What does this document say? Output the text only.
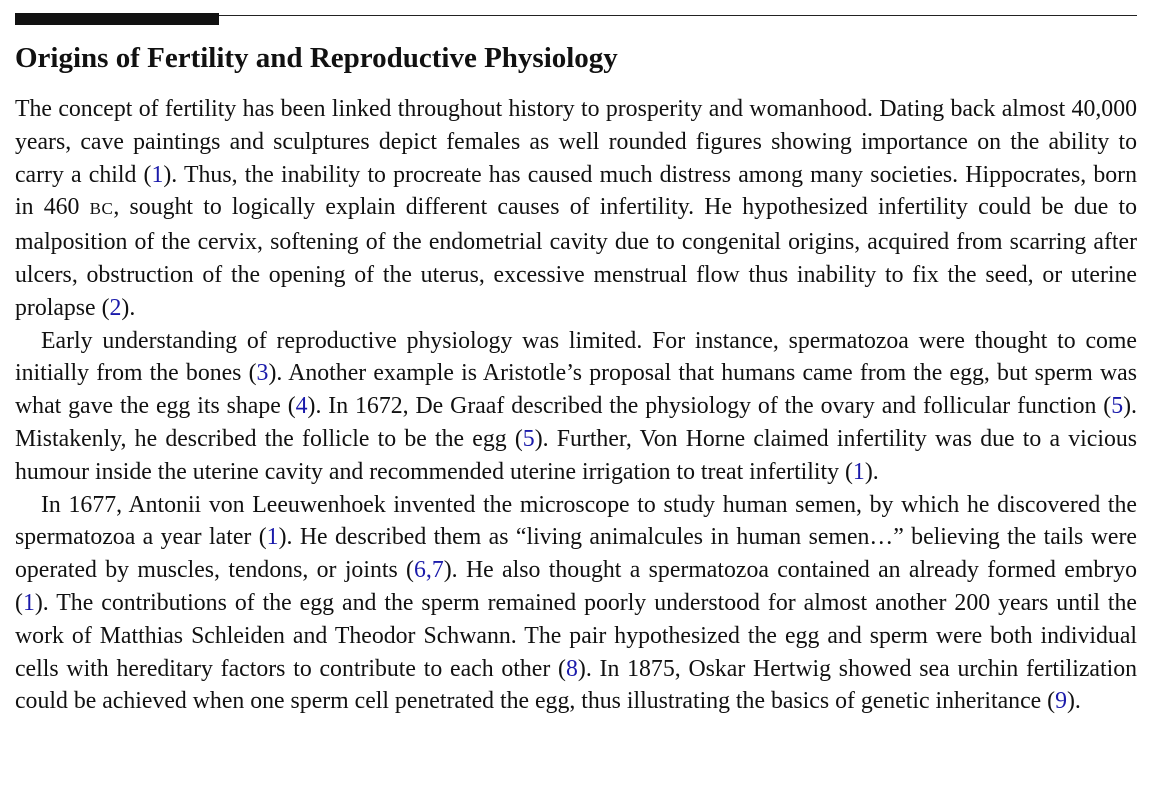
Origins of Fertility and Reproductive Physiology

The concept of fertility has been linked throughout history to prosperity and womanhood. Dating back almost 40,000 years, cave paintings and sculptures depict females as well rounded figures showing importance on the ability to carry a child (1). Thus, the inability to procreate has caused much distress among many societies. Hippocrates, born in 460 BC, sought to logically explain different causes of infertility. He hypothesized infertility could be due to malposition of the cervix, softening of the endometrial cavity due to congenital origins, acquired from scarring after ulcers, obstruction of the opening of the uterus, excessive menstrual flow thus inability to fix the seed, or uterine prolapse (2).

Early understanding of reproductive physiology was limited. For instance, spermatozoa were thought to come initially from the bones (3). Another example is Aristotle’s proposal that humans came from the egg, but sperm was what gave the egg its shape (4). In 1672, De Graaf described the physiology of the ovary and follicular function (5). Mistakenly, he described the follicle to be the egg (5). Further, Von Horne claimed infertility was due to a vicious humour inside the uterine cavity and recommended uterine irrigation to treat infertility (1).

In 1677, Antonii von Leeuwenhoek invented the microscope to study human semen, by which he discovered the spermatozoa a year later (1). He described them as “living animalcules in human semen…” believing the tails were operated by muscles, tendons, or joints (6,7). He also thought a spermatozoa contained an already formed embryo (1). The contributions of the egg and the sperm remained poorly understood for almost another 200 years until the work of Matthias Schleiden and Theodor Schwann. The pair hypothesized the egg and sperm were both individual cells with hereditary factors to contribute to each other (8). In 1875, Oskar Hertwig showed sea urchin fertilization could be achieved when one sperm cell penetrated the egg, thus illustrating the basics of genetic inheritance (9).
